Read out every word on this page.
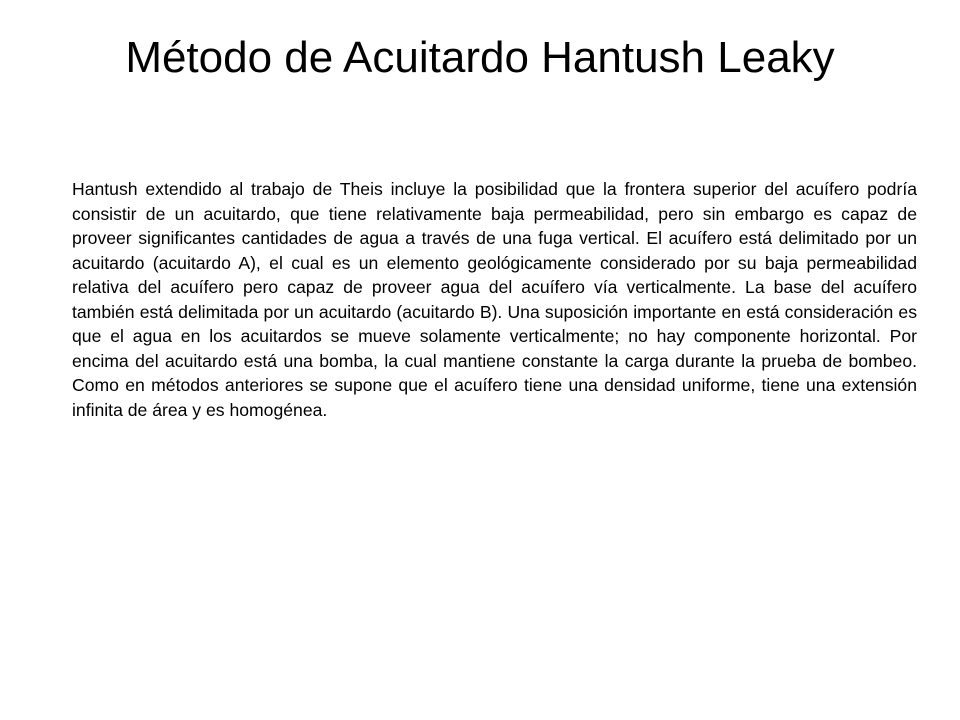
Método de Acuitardo Hantush Leaky

Hantush extendido al trabajo de Theis incluye la posibilidad que la frontera superior del acuífero podría consistir de un acuitardo, que tiene relativamente baja permeabilidad, pero sin embargo es capaz de proveer significantes cantidades de agua a través de una fuga vertical. El acuífero está delimitado por un acuitardo (acuitardo A), el cual es un elemento geológicamente considerado por su baja permeabilidad relativa del acuífero pero capaz de proveer agua del acuífero vía verticalmente. La base del acuífero también está delimitada por un acuitardo (acuitardo B). Una suposición importante en está consideración es que el agua en los acuitardos se mueve solamente verticalmente; no hay componente horizontal. Por encima del acuitardo está una bomba, la cual mantiene constante la carga durante la prueba de bombeo. Como en métodos anteriores se supone que el acuífero tiene una densidad uniforme, tiene una extensión infinita de área y es homogénea.
